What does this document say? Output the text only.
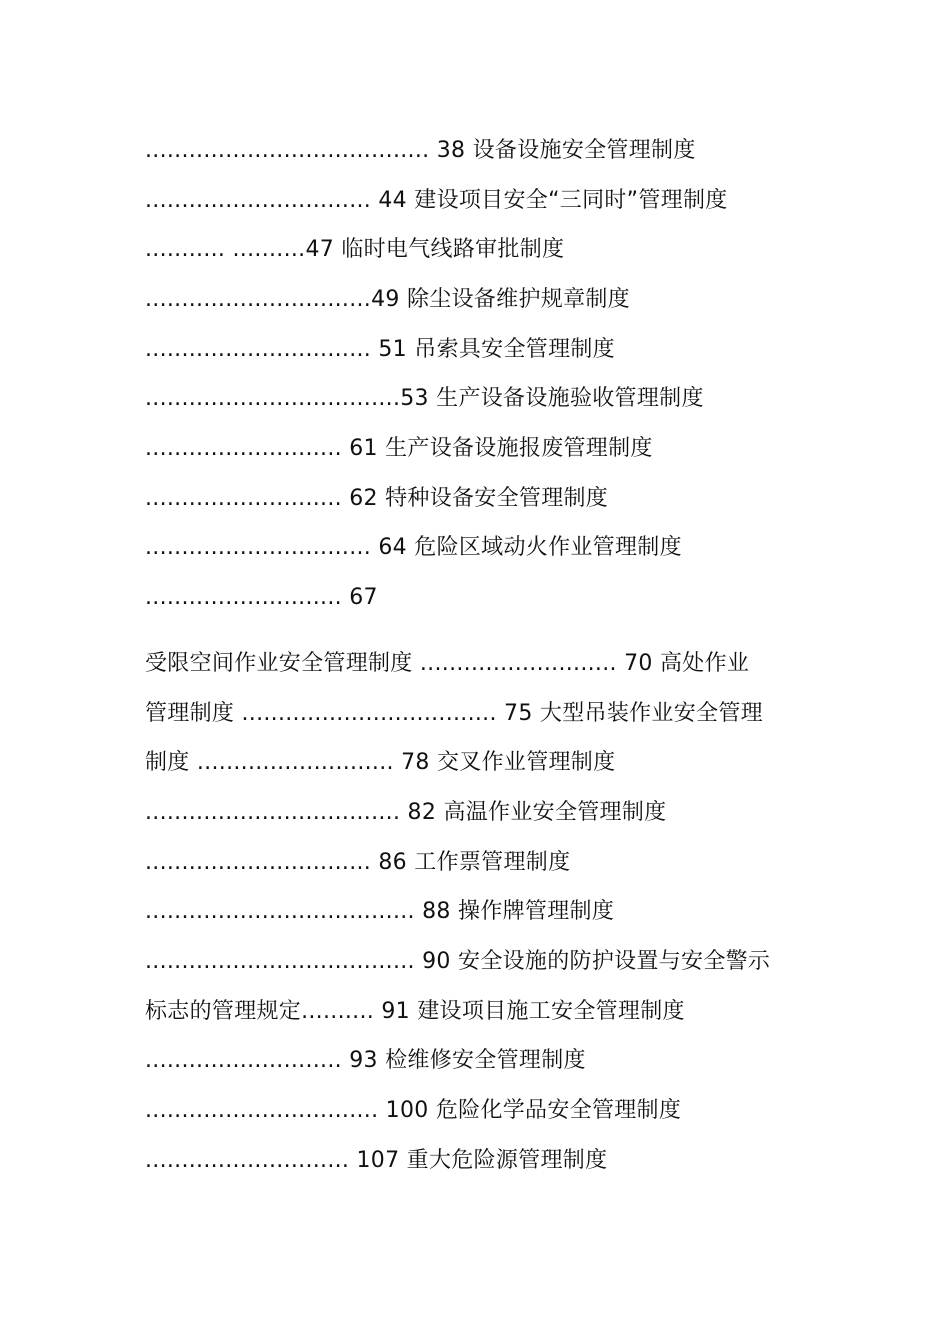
....................................... 38 设备设施安全管理制度
............................... 44 建设项目安全“三同时”管理制度
........... ..........47 临时电气线路审批制度
...............................49 除尘设备维护规章制度
............................... 51 吊索具安全管理制度
...................................53 生产设备设施验收管理制度
........................... 61 生产设备设施报废管理制度
........................... 62 特种设备安全管理制度
............................... 64 危险区域动火作业管理制度
........................... 67
受限空间作业安全管理制度 ........................... 70 高处作业
管理制度 ................................... 75 大型吊装作业安全管理
制度 ........................... 78 交叉作业管理制度
................................... 82 高温作业安全管理制度
............................... 86 工作票管理制度
..................................... 88 操作牌管理制度
..................................... 90 安全设施的防护设置与安全警示
标志的管理规定.......... 91 建设项目施工安全管理制度
........................... 93 检维修安全管理制度
................................ 100 危险化学品安全管理制度
............................ 107 重大危险源管理制度
